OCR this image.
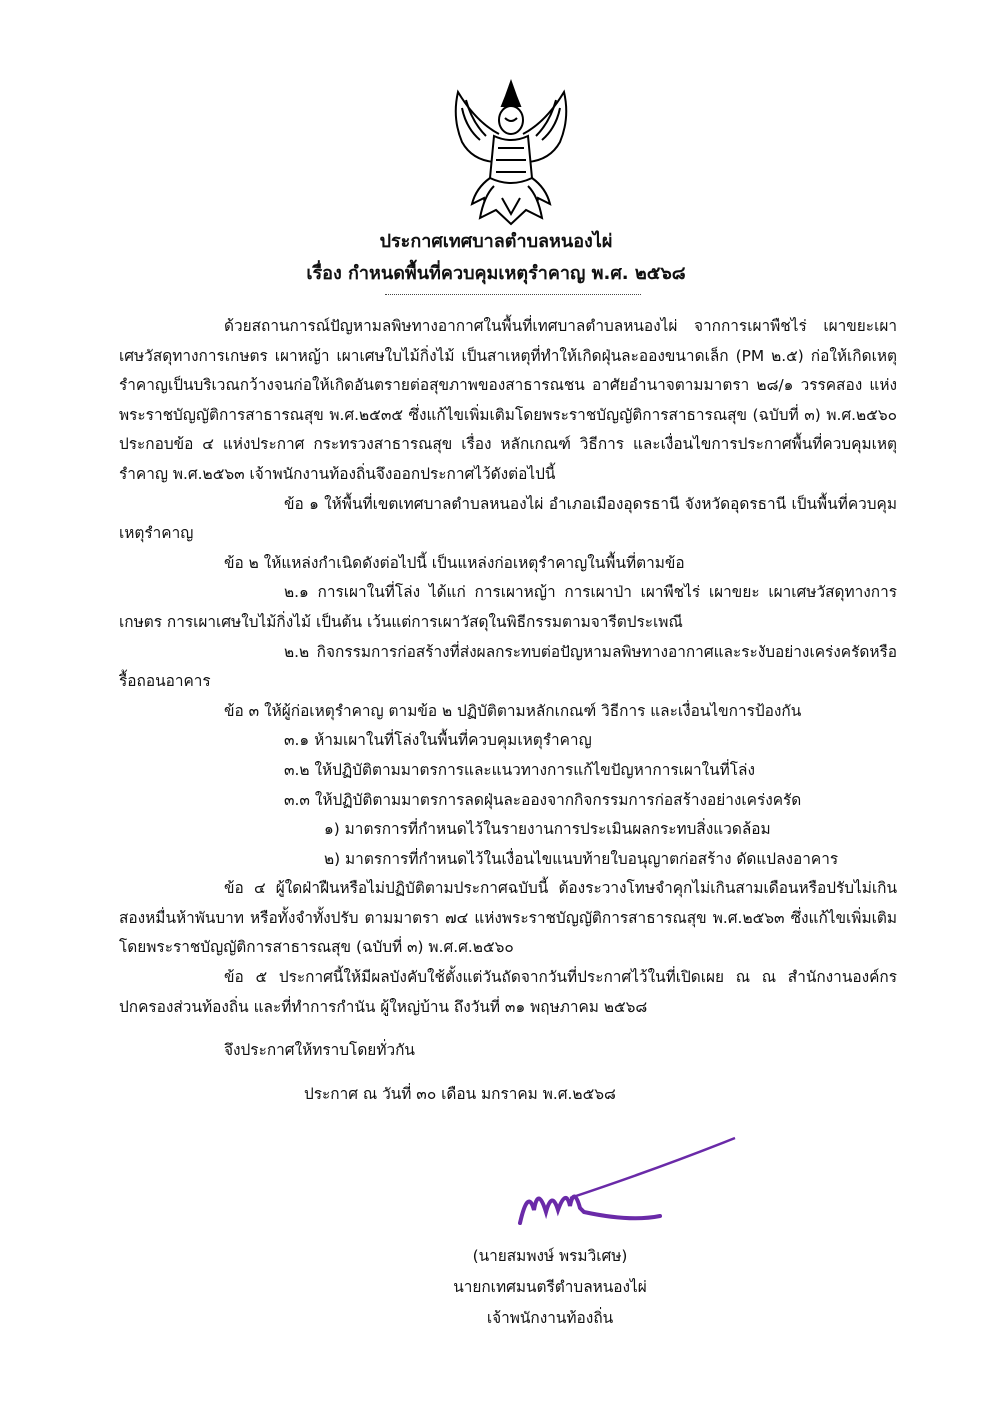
ประกาศเทศบาลตำบลหนองไผ่
เรื่อง กำหนดพื้นที่ควบคุมเหตุรำคาญ พ.ศ. ๒๕๖๘

ด้วยสถานการณ์ปัญหามลพิษทางอากาศในพื้นที่เทศบาลตำบลหนองไผ่ จากการเผาพืชไร่ เผาขยะเผาเศษวัสดุทางการเกษตร เผาหญ้า เผาเศษใบไม้กิ่งไม้ เป็นสาเหตุที่ทำให้เกิดฝุ่นละอองขนาดเล็ก (PM ๒.๕) ก่อให้เกิดเหตุรำคาญเป็นบริเวณกว้างจนก่อให้เกิดอันตรายต่อสุขภาพของสาธารณชน อาศัยอำนาจตามมาตรา ๒๘/๑ วรรคสอง แห่งพระราชบัญญัติการสาธารณสุข พ.ศ.๒๕๓๕ ซึ่งแก้ไขเพิ่มเติมโดยพระราชบัญญัติการสาธารณสุข (ฉบับที่ ๓) พ.ศ.๒๕๖๐ ประกอบข้อ ๔ แห่งประกาศ กระทรวงสาธารณสุข เรื่อง หลักเกณฑ์ วิธีการ และเงื่อนไขการประกาศพื้นที่ควบคุมเหตุรำคาญ พ.ศ.๒๕๖๓ เจ้าพนักงานท้องถิ่นจึงออกประกาศไว้ดังต่อไปนี้

ข้อ ๑ ให้พื้นที่เขตเทศบาลตำบลหนองไผ่ อำเภอเมืองอุดรธานี จังหวัดอุดรธานี เป็นพื้นที่ควบคุมเหตุรำคาญ

ข้อ ๒ ให้แหล่งกำเนิดดังต่อไปนี้ เป็นแหล่งก่อเหตุรำคาญในพื้นที่ตามข้อ

๒.๑ การเผาในที่โล่ง ได้แก่ การเผาหญ้า การเผาป่า เผาพืชไร่ เผาขยะ เผาเศษวัสดุทางการเกษตร การเผาเศษใบไม้กิ่งไม้ เป็นต้น เว้นแต่การเผาวัสดุในพิธีกรรมตามจารีตประเพณี

๒.๒ กิจกรรมการก่อสร้างที่ส่งผลกระทบต่อปัญหามลพิษทางอากาศและระงับอย่างเคร่งครัดหรือรื้อถอนอาคาร

ข้อ ๓ ให้ผู้ก่อเหตุรำคาญ ตามข้อ ๒ ปฏิบัติตามหลักเกณฑ์ วิธีการ และเงื่อนไขการป้องกัน

๓.๑ ห้ามเผาในที่โล่งในพื้นที่ควบคุมเหตุรำคาญ

๓.๒ ให้ปฏิบัติตามมาตรการและแนวทางการแก้ไขปัญหาการเผาในที่โล่ง

๓.๓ ให้ปฏิบัติตามมาตรการลดฝุ่นละอองจากกิจกรรมการก่อสร้างอย่างเคร่งครัด

๑) มาตรการที่กำหนดไว้ในรายงานการประเมินผลกระทบสิ่งแวดล้อม

๒) มาตรการที่กำหนดไว้ในเงื่อนไขแนบท้ายใบอนุญาตก่อสร้าง ดัดแปลงอาคาร

ข้อ ๔ ผู้ใดฝ่าฝืนหรือไม่ปฏิบัติตามประกาศฉบับนี้ ต้องระวางโทษจำคุกไม่เกินสามเดือนหรือปรับไม่เกินสองหมื่นห้าพันบาท หรือทั้งจำทั้งปรับ ตามมาตรา ๗๔ แห่งพระราชบัญญัติการสาธารณสุข พ.ศ.๒๕๖๓ ซึ่งแก้ไขเพิ่มเติมโดยพระราชบัญญัติการสาธารณสุข (ฉบับที่ ๓) พ.ศ.ศ.๒๕๖๐

ข้อ ๕ ประกาศนี้ให้มีผลบังคับใช้ตั้งแต่วันถัดจากวันที่ประกาศไว้ในที่เปิดเผย ณ ณ สำนักงานองค์กรปกครองส่วนท้องถิ่น และที่ทำการกำนัน ผู้ใหญ่บ้าน ถึงวันที่ ๓๑ พฤษภาคม ๒๕๖๘

จึงประกาศให้ทราบโดยทั่วกัน

ประกาศ ณ วันที่ ๓๐ เดือน มกราคม พ.ศ.๒๕๖๘

(นายสมพงษ์ พรมวิเศษ)
นายกเทศมนตรีตำบลหนองไผ่
เจ้าพนักงานท้องถิ่น
